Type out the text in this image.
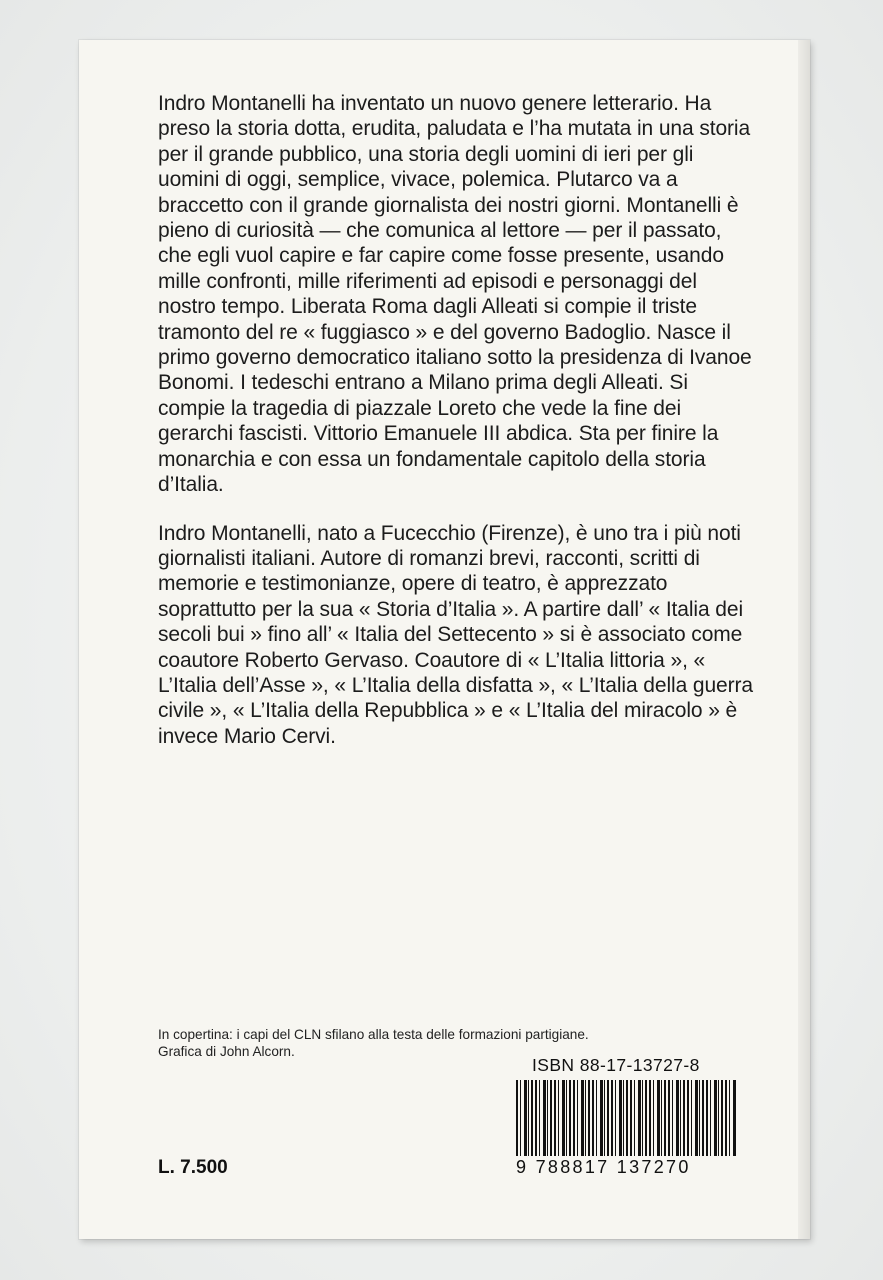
Indro Montanelli ha inventato un nuovo genere letterario. Ha preso la storia dotta, erudita, paludata e l’ha mutata in una storia per il grande pubblico, una storia degli uomini di ieri per gli uomini di oggi, semplice, vivace, polemica. Plutarco va a braccetto con il grande giornalista dei nostri giorni. Montanelli è pieno di curiosità — che comunica al lettore — per il passato, che egli vuol capire e far capire come fosse presente, usando mille confronti, mille riferimenti ad episodi e personaggi del nostro tempo. Liberata Roma dagli Alleati si compie il triste tramonto del re « fuggiasco » e del governo Badoglio. Nasce il primo governo democratico italiano sotto la presidenza di Ivanoe Bonomi. I tedeschi entrano a Milano prima degli Alleati. Si compie la tragedia di piazzale Loreto che vede la fine dei gerarchi fascisti. Vittorio Emanuele III abdica. Sta per finire la monarchia e con essa un fondamentale capitolo della storia d’Italia.

Indro Montanelli, nato a Fucecchio (Firenze), è uno tra i più noti giornalisti italiani. Autore di romanzi brevi, racconti, scritti di memorie e testimonianze, opere di teatro, è apprezzato soprattutto per la sua « Storia d’Italia ». A partire dall’ « Italia dei secoli bui » fino all’ « Italia del Settecento » si è associato come coautore Roberto Gervaso. Coautore di « L’Italia littoria », « L’Italia dell’Asse », « L’Italia della disfatta », « L’Italia della guerra civile », « L’Italia della Repubblica » e « L’Italia del miracolo » è invece Mario Cervi.

In copertina: i capi del CLN sfilano alla testa delle formazioni partigiane.
Grafica di John Alcorn.
ISBN 88-17-13727-8
9 788817 137270
L. 7.500
